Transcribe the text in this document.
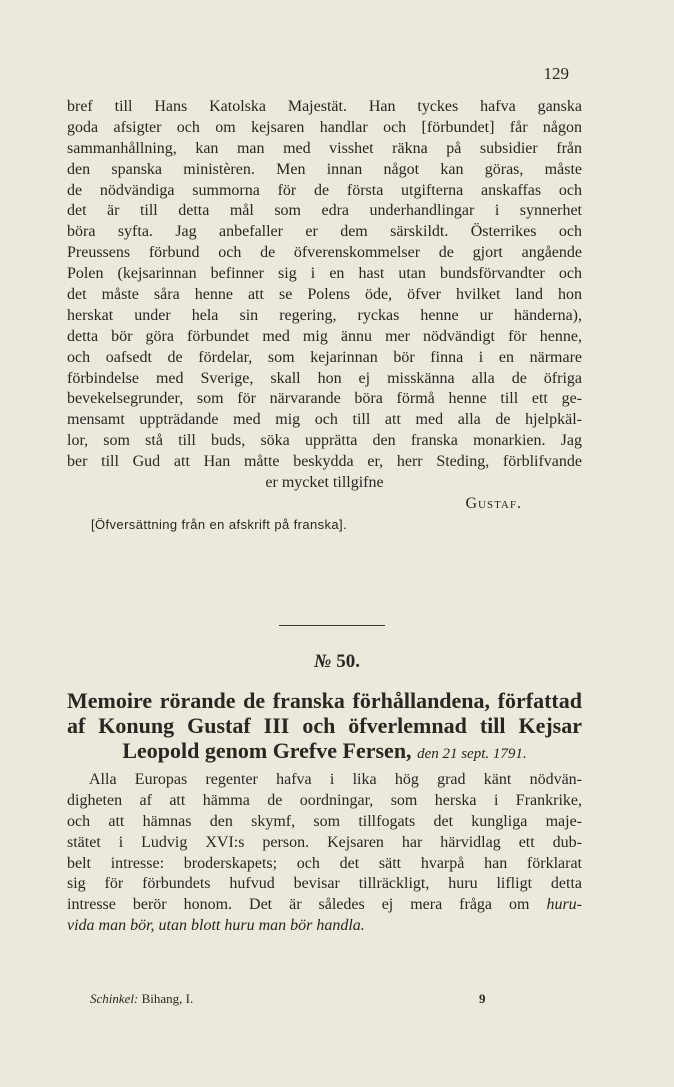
129
bref till Hans Katolska Majestät. Han tyckes hafva ganska
goda afsigter och om kejsaren handlar och [förbundet] får någon
sammanhållning, kan man med visshet räkna på subsidier från
den spanska ministèren. Men innan något kan göras, måste
de nödvändiga summorna för de första utgifterna anskaffas och
det är till detta mål som edra underhandlingar i synnerhet
böra syfta. Jag anbefaller er dem särskildt. Österrikes och
Preussens förbund och de öfverenskommelser de gjort angående
Polen (kejsarinnan befinner sig i en hast utan bundsförvandter och
det måste såra henne att se Polens öde, öfver hvilket land hon
herskat under hela sin regering, ryckas henne ur händerna),
detta bör göra förbundet med mig ännu mer nödvändigt för henne,
och oafsedt de fördelar, som kejarinnan bör finna i en närmare
förbindelse med Sverige, skall hon ej misskänna alla de öfriga
bevekelsegrunder, som för närvarande böra förmå henne till ett ge-
mensamt uppträdande med mig och till att med alla de hjelpkäl-
lor, som stå till buds, söka upprätta den franska monarkien. Jag
ber till Gud att Han måtte beskydda er, herr Steding, förblifvande
er mycket tillgifne
Gustaf.
[Öfversättning från en afskrift på franska].
№ 50.
Memoire rörande de franska förhållandena, författad
af Konung Gustaf III och öfverlemnad till Kejsar
Leopold genom Grefve Fersen, den 21 sept. 1791.
Alla Europas regenter hafva i lika hög grad känt nödvän-
digheten af att hämma de oordningar, som herska i Frankrike,
och att hämnas den skymf, som tillfogats det kungliga maje-
stätet i Ludvig XVI:s person. Kejsaren har härvidlag ett dub-
belt intresse: broderskapets; och det sätt hvarpå han förklarat
sig för förbundets hufvud bevisar tillräckligt, huru lifligt detta
intresse berör honom. Det är således ej mera fråga om huru-
vida man bör, utan blott huru man bör handla.
Schinkel: Bihang, I.	9
